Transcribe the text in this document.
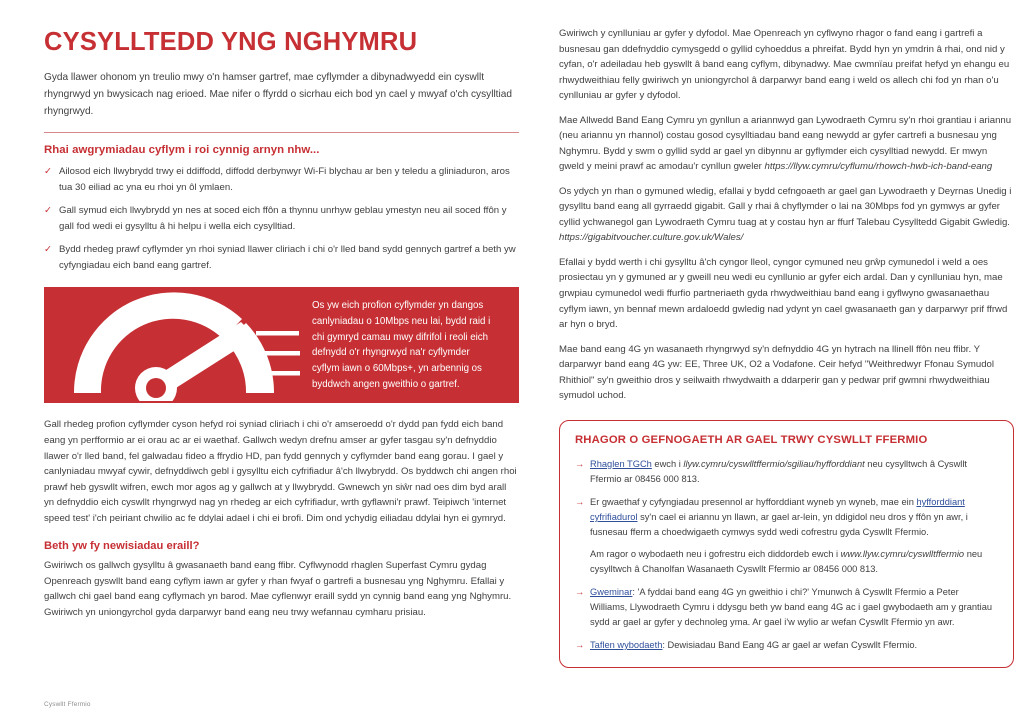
CYSYLLTEDD YNG NGHYMRU

Gyda llawer ohonom yn treulio mwy o'n hamser gartref, mae cyflymder a dibynadwyedd ein cyswllt rhyngrwyd yn bwysicach nag erioed. Mae nifer o ffyrdd o sicrhau eich bod yn cael y mwyaf o'ch cysylltiad rhyngrwyd.

Rhai awgrymiadau cyflym i roi cynnig arnyn nhw...
✓ Ailosod eich llwybrydd trwy ei ddiffodd, diffodd derbynwyr Wi-Fi blychau ar ben y teledu a gliniaduron, aros tua 30 eiliad ac yna eu rhoi yn ôl ymlaen.
✓ Gall symud eich llwybrydd yn nes at soced eich ffôn a thynnu unrhyw geblau ymestyn neu ail soced ffôn y gall fod wedi ei gysylltu â hi helpu i wella eich cysylltiad.
✓ Bydd rhedeg prawf cyflymder yn rhoi syniad llawer cliriach i chi o'r lled band sydd gennych gartref a beth yw cyfyngiadau eich band eang gartref.
Os yw eich profion cyflymder yn dangos canlyniadau o 10Mbps neu lai, bydd raid i chi gymryd camau mwy difrifol i reoli eich defnydd o'r rhyngrwyd na'r cyflymder cyflym iawn o 60Mbps+, yn arbennig os byddwch angen gweithio o gartref.

Gall rhedeg profion cyflymder cyson hefyd roi syniad cliriach i chi o'r amseroedd o'r dydd pan fydd eich band eang yn perfformio ar ei orau ac ar ei waethaf. Gallwch wedyn drefnu amser ar gyfer tasgau sy'n defnyddio llawer o'r lled band, fel galwadau fideo a ffrydio HD, pan fydd gennych y cyflymder band eang gorau. I gael y canlyniadau mwyaf cywir, defnyddiwch gebl i gysylltu eich cyfrifiadur â'ch llwybrydd. Os byddwch chi angen rhoi prawf heb gyswllt wifren, ewch mor agos ag y gallwch at y llwybrydd. Gwnewch yn siŵr nad oes dim byd arall yn defnyddio eich cyswllt rhyngrwyd nag yn rhedeg ar eich cyfrifiadur, wrth gyflawni'r prawf. Teipiwch 'internet speed test' i'ch peiriant chwilio ac fe ddylai adael i chi ei brofi. Dim ond ychydig eiliadau ddylai hyn ei gymryd.

Beth yw fy newisiadau eraill?

Gwiriwch os gallwch gysylltu â gwasanaeth band eang ffibr. Cyflwynodd rhaglen Superfast Cymru gydag Openreach gyswllt band eang cyflym iawn ar gyfer y rhan fwyaf o gartrefi a busnesau yng Nghymru. Efallai y gallwch chi gael band eang cyflymach yn barod. Mae cyflenwyr eraill sydd yn cynnig band eang yng Nghymru. Gwiriwch yn uniongyrchol gyda darparwyr band eang neu trwy wefannau cymharu prisiau.

Gwiriwch y cynlluniau ar gyfer y dyfodol. Mae Openreach yn cyflwyno rhagor o fand eang i gartrefi a busnesau gan ddefnyddio cymysgedd o gyllid cyhoeddus a phreifat. Bydd hyn yn ymdrin â rhai, ond nid y cyfan, o'r adeiladau heb gyswllt â band eang cyflym, dibynadwy. Mae cwmnïau preifat hefyd yn ehangu eu rhwydweithiau felly gwiriwch yn uniongyrchol â darparwyr band eang i weld os allech chi fod yn rhan o'u cynlluniau ar gyfer y dyfodol.

Mae Allwedd Band Eang Cymru yn gynllun a ariannwyd gan Lywodraeth Cymru sy'n rhoi grantiau i ariannu (neu ariannu yn rhannol) costau gosod cysylltiadau band eang newydd ar gyfer cartrefi a busnesau yng Nghymru. Bydd y swm o gyllid sydd ar gael yn dibynnu ar gyflymder eich cysylltiad newydd. Er mwyn gweld y meini prawf ac amodau'r cynllun gweler https://llyw.cymru/cyflumu/rhowch-hwb-ich-band-eang

Os ydych yn rhan o gymuned wledig, efallai y bydd cefngoaeth ar gael gan Lywodraeth y Deyrnas Unedig i gysylltu band eang all gyrraedd gigabit. Gall y rhai â chyflymder o lai na 30Mbps fod yn gymwys ar gyfer cyllid ychwanegol gan Lywodraeth Cymru tuag at y costau hyn ar ffurf Talebau Cysylltedd Gigabit Gwledig. https://gigabitvoucher.culture.gov.uk/Wales/

Efallai y bydd werth i chi gysylltu â'ch cyngor lleol, cyngor cymuned neu grŵp cymunedol i weld a oes prosiectau yn y gymuned ar y gweill neu wedi eu cynllunio ar gyfer eich ardal. Dan y cynlluniau hyn, mae grwpiau cymunedol wedi ffurfio partneriaeth gyda rhwydweithiau band eang i gyflwyno gwasanaethau cyflym iawn, yn bennaf mewn ardaloedd gwledig nad ydynt yn cael gwasanaeth gan y darparwyr prif ffrwd ar hyn o bryd.

Mae band eang 4G yn wasanaeth rhyngrwyd sy'n defnyddio 4G yn hytrach na llinell ffôn neu ffibr. Y darparwyr band eang 4G yw: EE, Three UK, O2 a Vodafone. Ceir hefyd "Weithredwyr Ffonau Symudol Rhithiol" sy'n gweithio dros y seilwaith rhwydwaith a ddarperir gan y pedwar prif gwmni rhwydweithiau symudol uchod.

RHAGOR O GEFNOGAETH AR GAEL TRWY CYSWLLT FFERMIO
→ Rhaglen TGCh ewch i llyw.cymru/cyswlltffermio/sgiliau/hyfforddiant neu cysylltwch â Cyswllt Ffermio ar 08456 000 813.
→ Er gwaethaf y cyfyngiadau presennol ar hyfforddiant wyneb yn wyneb, mae ein hyfforddiant cyfrifiadurol sy'n cael ei ariannu yn llawn, ar gael ar-lein, yn ddigidol neu dros y ffôn yn awr, i fusnesau fferm a choedwigaeth cymwys sydd wedi cofrestru gyda Cyswllt Ffermio.

Am ragor o wybodaeth neu i gofrestru eich diddordeb ewch i www.llyw.cymru/cyswlltffermio neu cysylltwch â Chanolfan Wasanaeth Cyswllt Ffermio ar 08456 000 813.

→ Gweminar: 'A fyddai band eang 4G yn gweithio i chi?' Ymunwch â Cyswllt Ffermio a Peter Williams, Llywodraeth Cymru i ddysgu beth yw band eang 4G ac i gael gwybodaeth am y grantiau sydd ar gael ar gyfer y dechnoleg yma. Ar gael i'w wylio ar wefan Cyswllt Ffermio yn awr.
→ Taflen wybodaeth: Dewisiadau Band Eang 4G ar gael ar wefan Cyswllt Ffermio.
Cyswllt Ffermio
